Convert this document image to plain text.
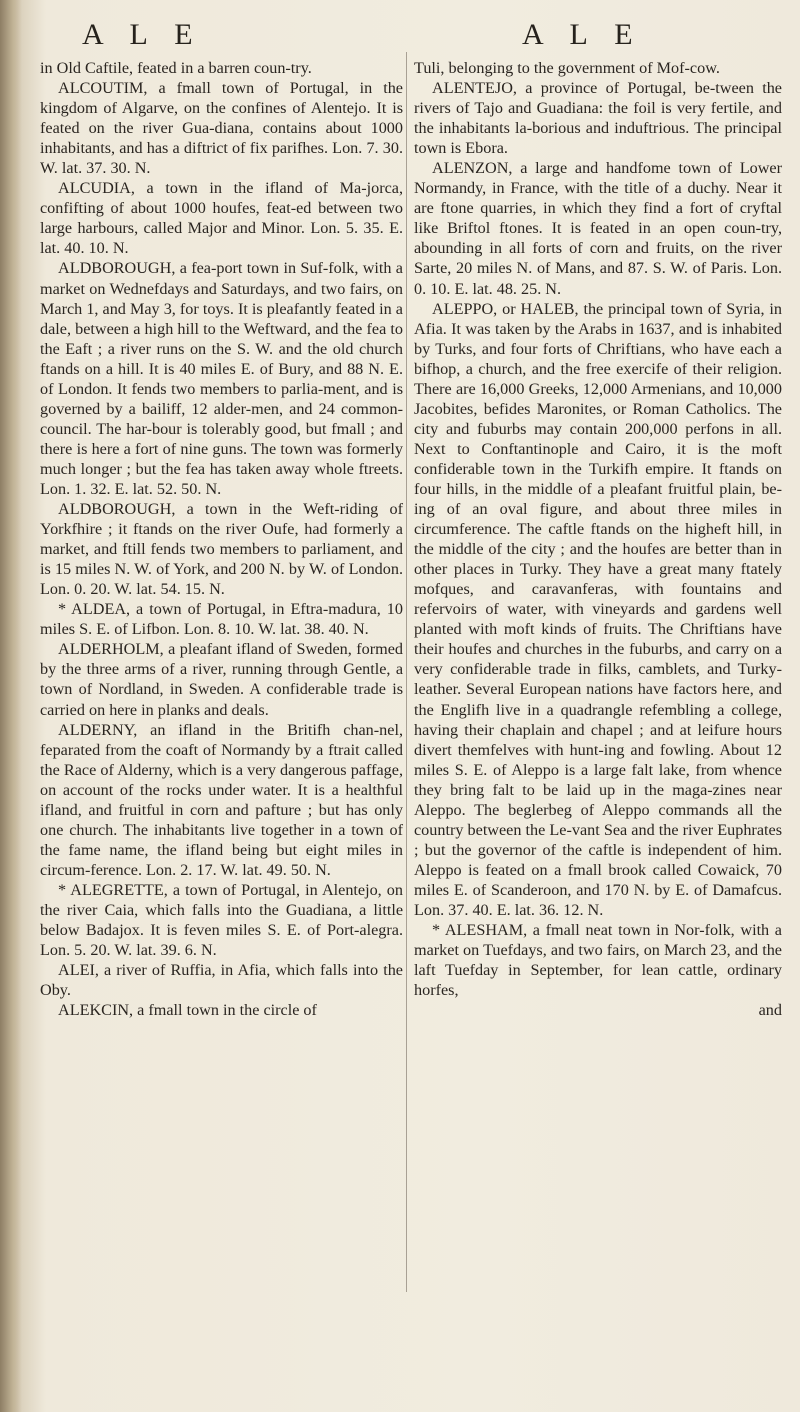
A L E	A L E

in Old Caftile, feated in a barren coun-try.

ALCOUTIM, a fmall town of Portugal, in the kingdom of Algarve, on the confines of Alentejo. It is feated on the river Gua-diana, contains about 1000 inhabitants, and has a diftrict of fix parifhes. Lon. 7. 30. W. lat. 37. 30. N.

ALCUDIA, a town in the ifland of Ma-jorca, confifting of about 1000 houfes, feat-ed between two large harbours, called Major and Minor. Lon. 5. 35. E. lat. 40. 10. N.

ALDBOROUGH, a fea-port town in Suf-folk, with a market on Wednefdays and Saturdays, and two fairs, on March 1, and May 3, for toys. It is pleafantly feated in a dale, between a high hill to the Weftward, and the fea to the Eaft ; a river runs on the S. W. and the old church ftands on a hill. It is 40 miles E. of Bury, and 88 N. E. of London. It fends two members to parlia-ment, and is governed by a bailiff, 12 alder-men, and 24 common-council. The har-bour is tolerably good, but fmall ; and there is here a fort of nine guns. The town was formerly much longer ; but the fea has taken away whole ftreets. Lon. 1. 32. E. lat. 52. 50. N.

ALDBOROUGH, a town in the Weft-riding of Yorkfhire ; it ftands on the river Oufe, had formerly a market, and ftill fends two members to parliament, and is 15 miles N. W. of York, and 200 N. by W. of London. Lon. 0. 20. W. lat. 54. 15. N.

* ALDEA, a town of Portugal, in Eftra-madura, 10 miles S. E. of Lifbon. Lon. 8. 10. W. lat. 38. 40. N.

ALDERHOLM, a pleafant ifland of Sweden, formed by the three arms of a river, running through Gentle, a town of Nordland, in Sweden. A confiderable trade is carried on here in planks and deals.

ALDERNY, an ifland in the Britifh chan-nel, feparated from the coaft of Normandy by a ftrait called the Race of Alderny, which is a very dangerous paffage, on account of the rocks under water. It is a healthful ifland, and fruitful in corn and pafture ; but has only one church. The inhabitants live together in a town of the fame name, the ifland being but eight miles in circum-ference. Lon. 2. 17. W. lat. 49. 50. N.

* ALEGRETTE, a town of Portugal, in Alentejo, on the river Caia, which falls into the Guadiana, a little below Badajox. It is feven miles S. E. of Port-alegra. Lon. 5. 20. W. lat. 39. 6. N.

ALEI, a river of Ruffia, in Afia, which falls into the Oby.

ALEKCIN, a fmall town in the circle of

Tuli, belonging to the government of Mof-cow.

ALENTEJO, a province of Portugal, be-tween the rivers of Tajo and Guadiana: the foil is very fertile, and the inhabitants la-borious and induftrious. The principal town is Ebora.

ALENZON, a large and handfome town of Lower Normandy, in France, with the title of a duchy. Near it are ftone quarries, in which they find a fort of cryftal like Briftol ftones. It is feated in an open coun-try, abounding in all forts of corn and fruits, on the river Sarte, 20 miles N. of Mans, and 87. S. W. of Paris. Lon. 0. 10. E. lat. 48. 25. N.

ALEPPO, or HALEB, the principal town of Syria, in Afia. It was taken by the Arabs in 1637, and is inhabited by Turks, and four forts of Chriftians, who have each a bifhop, a church, and the free exercife of their religion. There are 16,000 Greeks, 12,000 Armenians, and 10,000 Jacobites, befides Maronites, or Roman Catholics. The city and fuburbs may contain 200,000 perfons in all. Next to Conftantinople and Cairo, it is the moft confiderable town in the Turkifh empire. It ftands on four hills, in the middle of a pleafant fruitful plain, be-ing of an oval figure, and about three miles in circumference. The caftle ftands on the higheft hill, in the middle of the city ; and the houfes are better than in other places in Turky. They have a great many ftately mofques, and caravanferas, with fountains and refervoirs of water, with vineyards and gardens well planted with moft kinds of fruits. The Chriftians have their houfes and churches in the fuburbs, and carry on a very confiderable trade in filks, camblets, and Turky-leather. Several European nations have factors here, and the Englifh live in a quadrangle refembling a college, having their chaplain and chapel ; and at leifure hours divert themfelves with hunt-ing and fowling. About 12 miles S. E. of Aleppo is a large falt lake, from whence they bring falt to be laid up in the maga-zines near Aleppo. The beglerbeg of Aleppo commands all the country between the Le-vant Sea and the river Euphrates ; but the governor of the caftle is independent of him. Aleppo is feated on a fmall brook called Cowaick, 70 miles E. of Scanderoon, and 170 N. by E. of Damafcus. Lon. 37. 40. E. lat. 36. 12. N.

* ALESHAM, a fmall neat town in Nor-folk, with a market on Tuefdays, and two fairs, on March 23, and the laft Tuefday in September, for lean cattle, ordinary horfes,

and
